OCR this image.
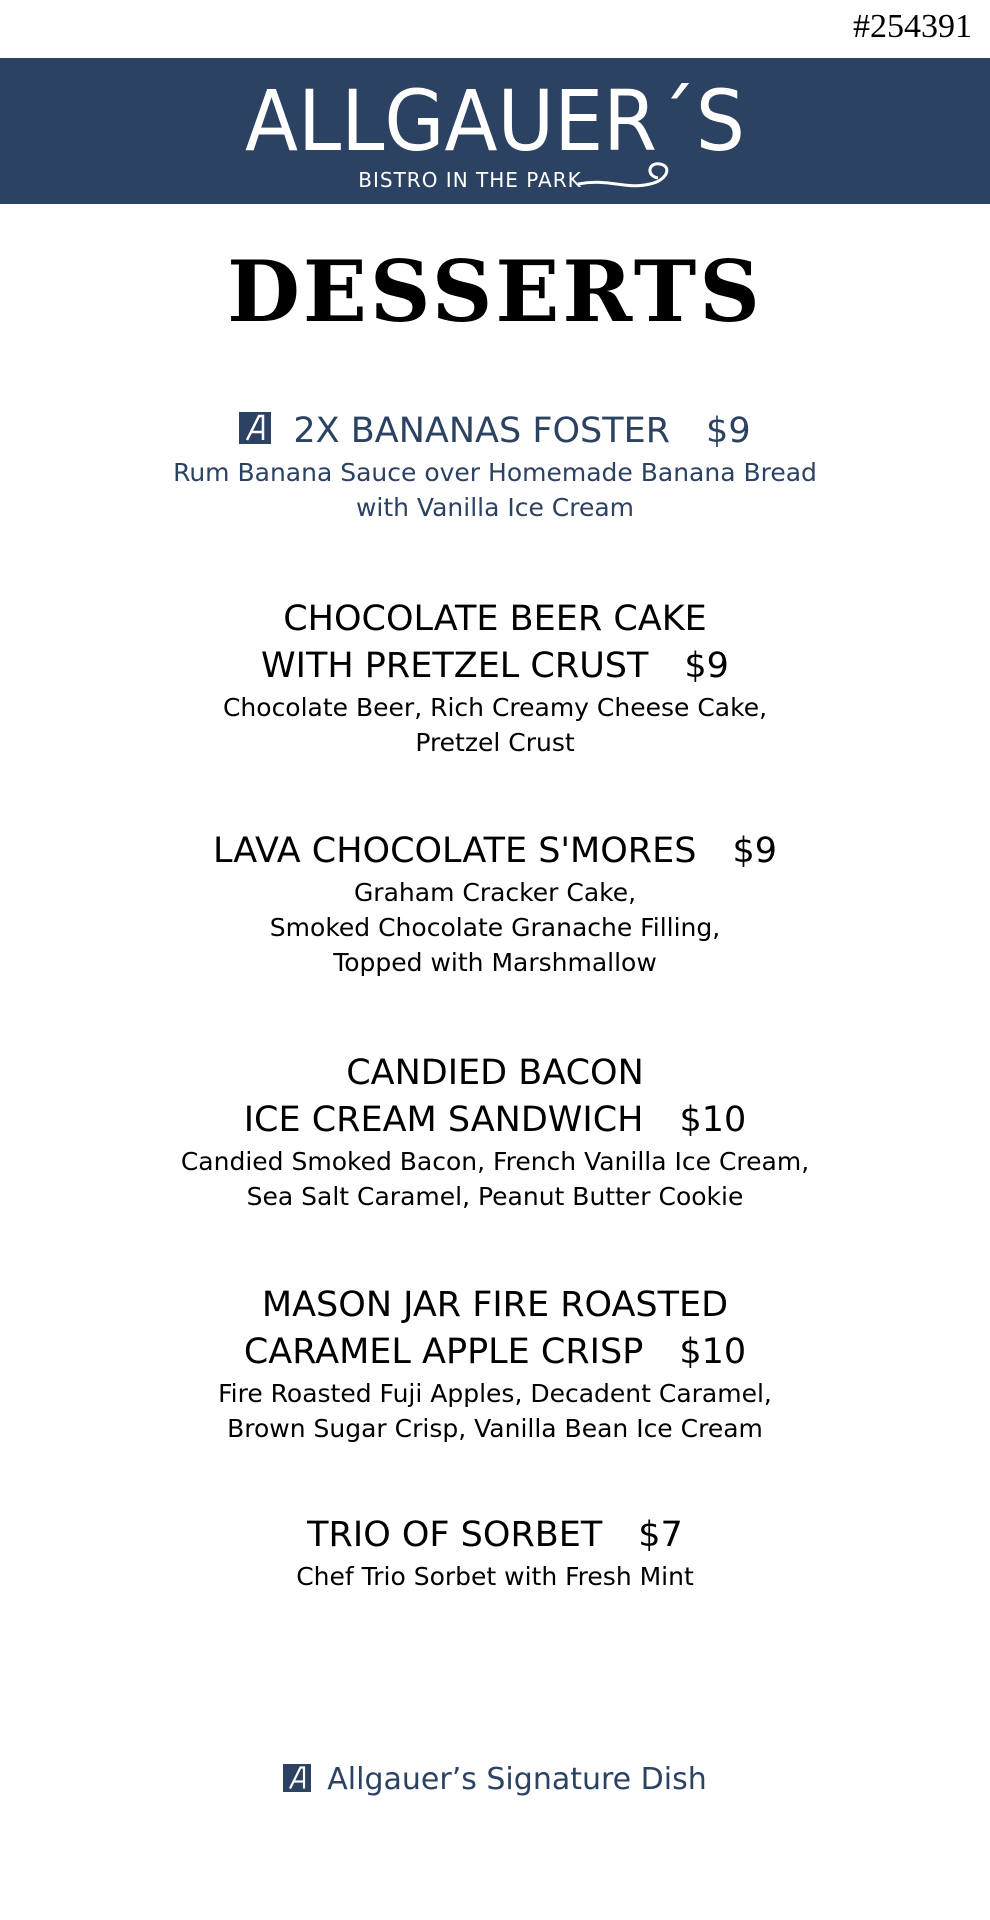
#254391
ALLGAUER´S
BISTRO IN THE PARK
DESSERTS
2X BANANAS FOSTER $9
Rum Banana Sauce over Homemade Banana Bread
with Vanilla Ice Cream
CHOCOLATE BEER CAKE
WITH PRETZEL CRUST $9
Chocolate Beer, Rich Creamy Cheese Cake,
Pretzel Crust
LAVA CHOCOLATE S'MORES $9
Graham Cracker Cake,
Smoked Chocolate Granache Filling,
Topped with Marshmallow
CANDIED BACON
ICE CREAM SANDWICH $10
Candied Smoked Bacon, French Vanilla Ice Cream,
Sea Salt Caramel, Peanut Butter Cookie
MASON JAR FIRE ROASTED
CARAMEL APPLE CRISP $10
Fire Roasted Fuji Apples, Decadent Caramel,
Brown Sugar Crisp, Vanilla Bean Ice Cream
TRIO OF SORBET $7
Chef Trio Sorbet with Fresh Mint
Allgauer’s Signature Dish
